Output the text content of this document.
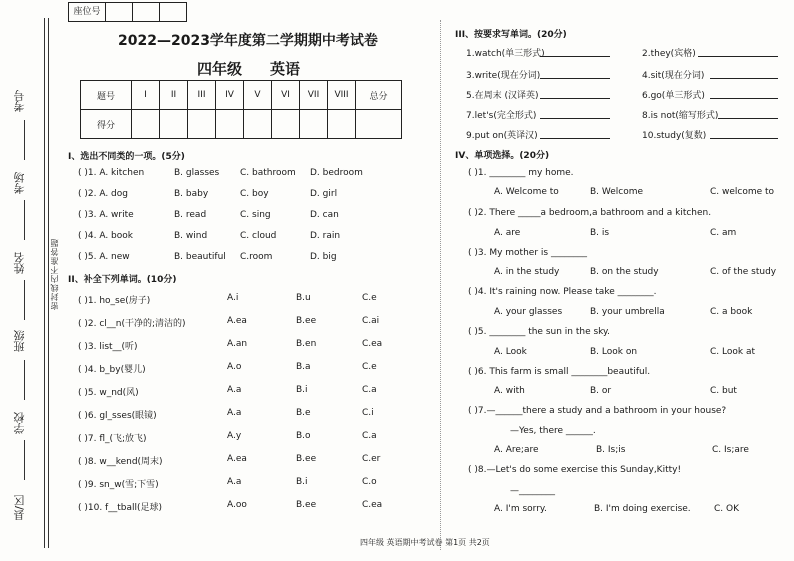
座位号
考号
考场
姓名
班级
学校
县/区
密封线内不准答题
2022—2023学年度第二学期期中考试卷
四年级 英语
题号	I	II	III	IV	V	VI	VII	VIII	总分
得分									
I、选出不同类的一项。(5分)
( )1. A. kitchen	B. glasses C. bathroom D. bedroom
( )2. A. dog	B. baby	C. boy	D. girl
( )3. A. write	B. read	C. sing	D. can
( )4. A. book	B. wind	C. cloud	D. rain
( )5. A. new	B. beautiful C.room	D. big
II、补全下列单词。(10分)
( )1. ho_se(房子)	A.i	B.u	C.e
( )2. cl__n(干净的;清洁的)	A.ea	B.ee	C.ai
( )3. list__(听)	A.an	B.en	C.ea
( )4. b_by(婴儿)	A.o	B.a	C.e
( )5. w_nd(风)	A.a	B.i	C.a
( )6. gl_sses(眼镜)	A.a	B.e	C.i
( )7. fl_(飞;放飞)	A.y	B.o	C.a
( )8. w__kend(周末)	A.ea	B.ee	C.er
( )9. sn_w(雪;下雪)	A.a	B.i	C.o
( )10. f__tball(足球)	A.oo	B.ee	C.ea
III、按要求写单词。(20分)
1.watch(单三形式)	2.they(宾格)
3.write(现在分词)	4.sit(现在分词)
5.在周末 (汉译英)	6.go(单三形式)
7.let's(完全形式)	8.is not(缩写形式)
9.put on(英译汉)	10.study(复数)
IV、单项选择。(20分)
( )1. ________ my home.
A. Welcome to	B. Welcome	C. welcome to
( )2. There _____a bedroom,a bathroom and a kitchen.
A. are	B. is	C. am
( )3. My mother is ________
A. in the study	B. on the study	C. of the study
( )4. It's raining now. Please take ________.
A. your glasses	B. your umbrella	C. a book
( )5. ________ the sun in the sky.
A. Look	B. Look on	C. Look at
( )6. This farm is small ________beautiful.
A. with	B. or	C. but
( )7.—______there a study and a bathroom in your house?
—Yes, there ______.
A. Are;are	B. Is;is	C. Is;are
( )8.—Let's do some exercise this Sunday,Kitty!
—________
A. I'm sorry.	B. I'm doing exercise.	C. OK
四年级 英语期中考试卷 第1页 共2页
